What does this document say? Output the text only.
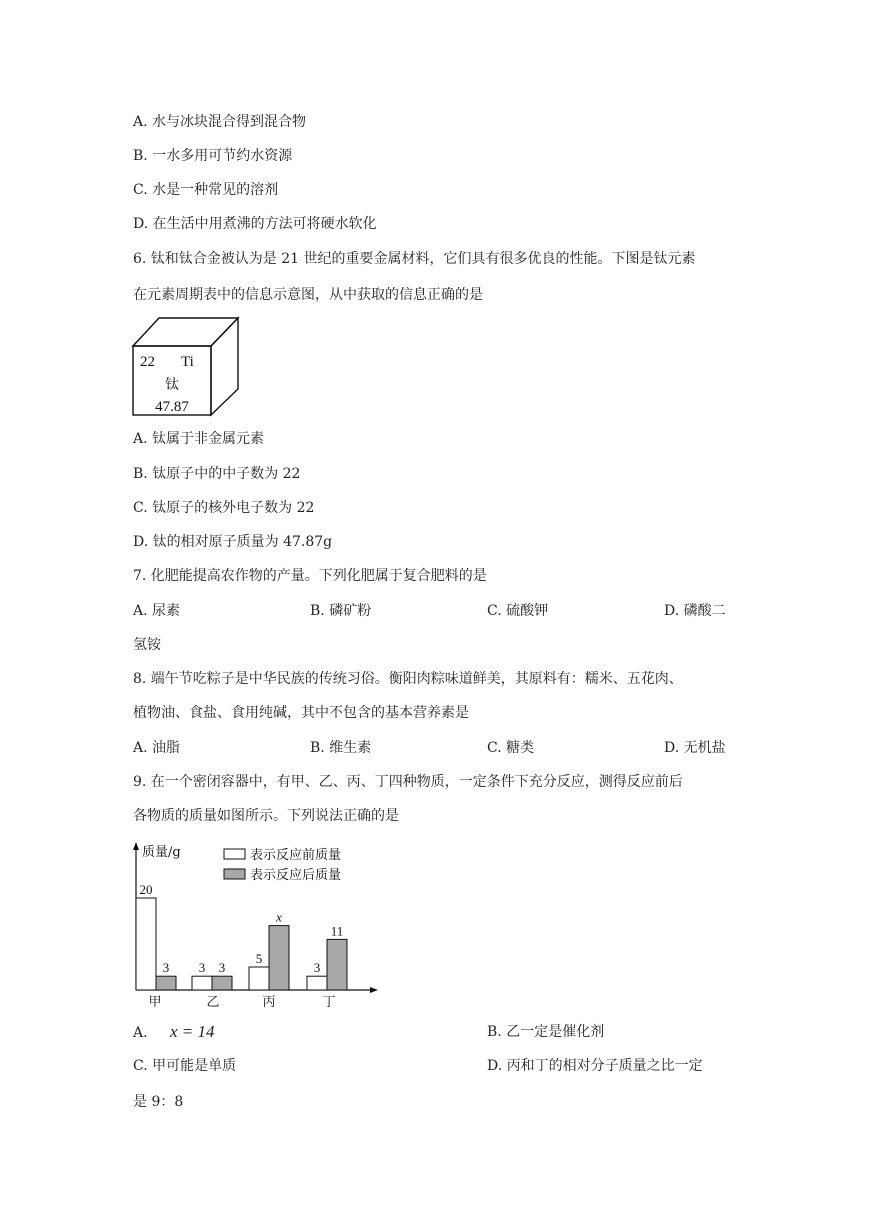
A. 水与冰块混合得到混合物
B. 一水多用可节约水资源
C. 水是一种常见的溶剂
D. 在生活中用煮沸的方法可将硬水软化
6. 钛和钛合金被认为是 21 世纪的重要金属材料，它们具有很多优良的性能。下图是钛元素
在元素周期表中的信息示意图，从中获取的信息正确的是
22 Ti
钛
47.87
A. 钛属于非金属元素
B. 钛原子中的中子数为 22
C. 钛原子的核外电子数为 22
D. 钛的相对原子质量为 47.87g
7. 化肥能提高农作物的产量。下列化肥属于复合肥料的是
A. 尿素	B. 磷矿粉	C. 硫酸钾	D. 磷酸二
氢铵
8. 端午节吃粽子是中华民族的传统习俗。衡阳肉粽味道鲜美，其原料有：糯米、五花肉、
植物油、食盐、食用纯碱，其中不包含的基本营养素是
A. 油脂	B. 维生素	C. 糖类	D. 无机盐
9. 在一个密闭容器中，有甲、乙、丙、丁四种物质，一定条件下充分反应，测得反应前后
各物质的质量如图所示。下列说法正确的是
质量/g	表示反应前质量
表示反应后质量
20
3
甲
3 3
乙
5
x
丙
3
11
丁
A. x = 14	B. 乙一定是催化剂
C. 甲可能是单质	D. 丙和丁的相对分子质量之比一定
是 9：8
